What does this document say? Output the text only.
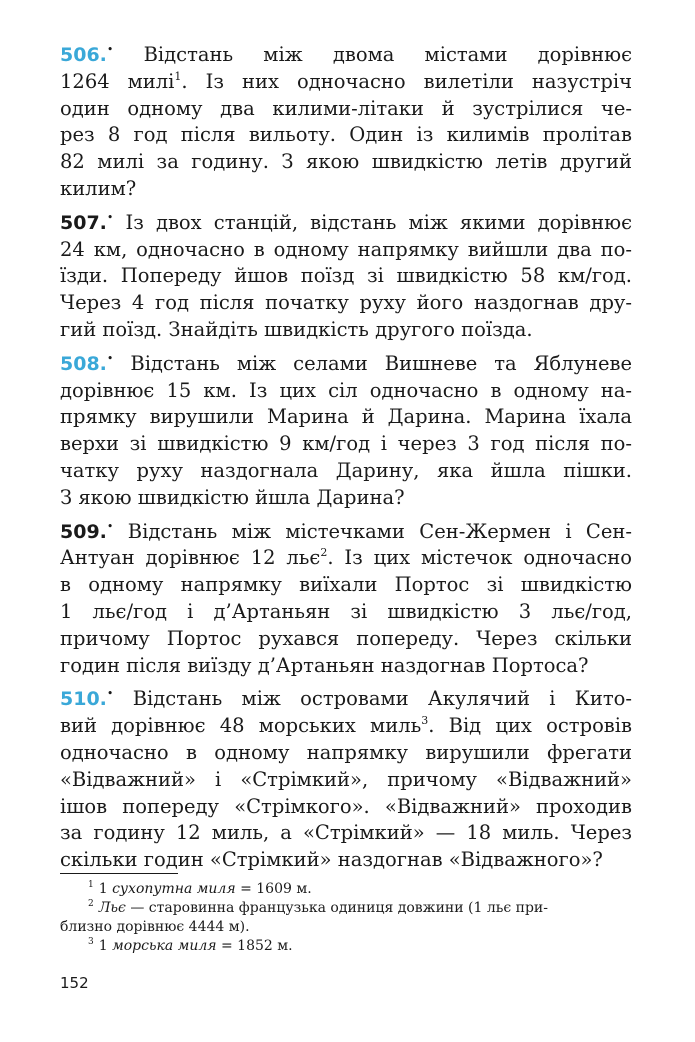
506.• Відстань між двома містами дорівнює
1264 милі$^1$. Із них одночасно вилетіли назустріч
один одному два килими-літаки й зустрілися че-
рез 8 год після вильоту. Один із килимів пролітав
82 милі за годину. З якою швидкістю летів другий
килим?
507.• Із двох станцій, відстань між якими дорівнює
24 км, одночасно в одному напрямку вийшли два по-
їзди. Попереду йшов поїзд зі швидкістю 58 км/год.
Через 4 год після початку руху його наздогнав дру-
гий поїзд. Знайдіть швидкість другого поїзда.
508.• Відстань між селами Вишневе та Яблуневе
дорівнює 15 км. Із цих сіл одночасно в одному на-
прямку вирушили Марина й Дарина. Марина їхала
верхи зі швидкістю 9 км/год і через 3 год після по-
чатку руху наздогнала Дарину, яка йшла пішки.
З якою швидкістю йшла Дарина?
509.• Відстань між містечками Сен-Жермен і Сен-
Антуан дорівнює 12 льє$^2$. Із цих містечок одночасно
в одному напрямку виїхали Портос зі швидкістю
1 льє/год і д’Артаньян зі швидкістю 3 льє/год,
причому Портос рухався попереду. Через скільки
годин після виїзду д’Артаньян наздогнав Портоса?
510.• Відстань між островами Акулячий і Кито-
вий дорівнює 48 морських миль$^3$. Від цих островів
одночасно в одному напрямку вирушили фрегати
«Відважний» і «Стрімкий», причому «Відважний»
ішов попереду «Стрімкого». «Відважний» проходив
за годину 12 миль, а «Стрімкий» — 18 миль. Через
скільки годин «Стрімкий» наздогнав «Відважного»?
$^1$ 1 сухопутна миля = 1609 м.
$^2$ Льє — старовинна французька одиниця довжини (1 льє при-
близно дорівнює 4444 м).
$^3$ 1 морська миля = 1852 м.
152
